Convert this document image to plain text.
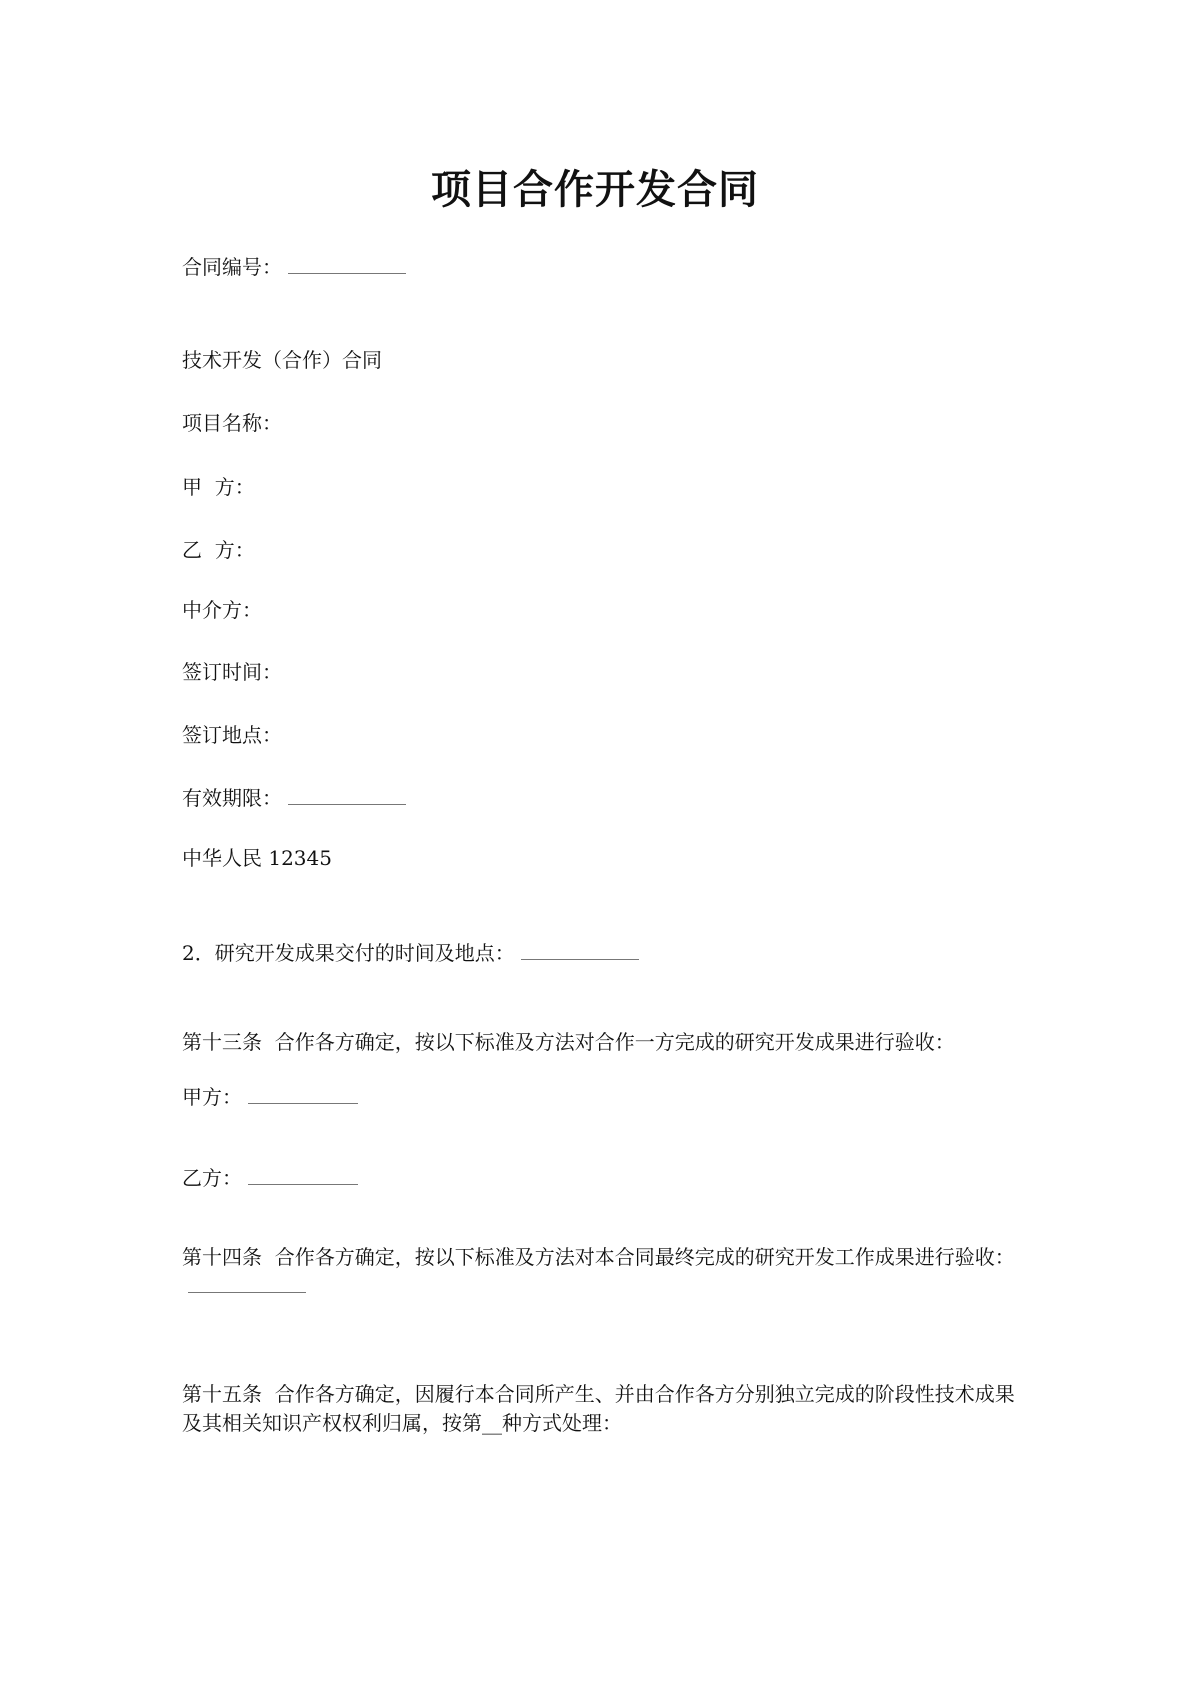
项目合作开发合同
合同编号：
技术开发（合作）合同
项目名称：
甲  方：
乙  方：
中介方：
签订时间：
签订地点：
有效期限：
中华人民 12345
2．研究开发成果交付的时间及地点：
第十三条  合作各方确定，按以下标准及方法对合作一方完成的研究开发成果进行验收：
甲方：
乙方：
第十四条  合作各方确定，按以下标准及方法对本合同最终完成的研究开发工作成果进行验收：
第十五条  合作各方确定，因履行本合同所产生、并由合作各方分别独立完成的阶段性技术成果及其相关知识产权权利归属，按第__种方式处理：
